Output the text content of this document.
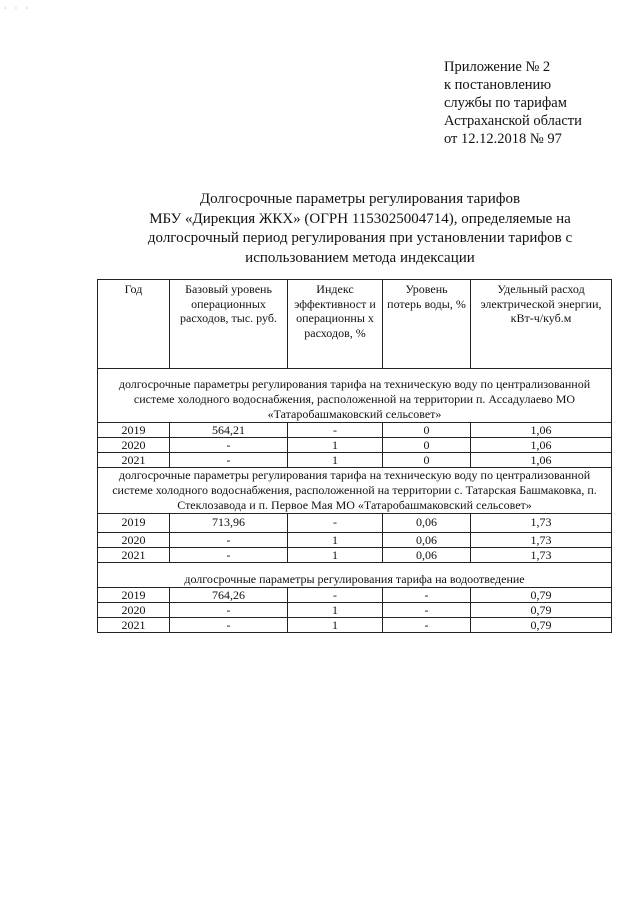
· · ·
Приложение № 2
к постановлению
службы по тарифам
Астраханской области
от 12.12.2018 № 97
Долгосрочные параметры регулирования тарифов
МБУ «Дирекция ЖКХ» (ОГРН 1153025004714), определяемые на
долгосрочный период регулирования при установлении тарифов с
использованием метода индексации
Год	Базовый уровень операционных расходов, тыс. руб.	Индекс эффективност и операционны х расходов, %	Уровень потерь воды, %	Удельный расход электрической энергии, кВт-ч/куб.м
долгосрочные параметры регулирования тарифа на техническую воду по централизованной системе холодного водоснабжения, расположенной на территории п. Ассадулаево МО «Татаробашмаковский сельсовет»				
2019	564,21	-	0	1,06
2020	-	1	0	1,06
2021	-	1	0	1,06
долгосрочные параметры регулирования тарифа на техническую воду по централизованной системе холодного водоснабжения, расположенной на территории с. Татарская Башмаковка, п. Стеклозавода и п. Первое Мая МО «Татаробашмаковский сельсовет»				
2019	713,96	-	0,06	1,73
2020	-	1	0,06	1,73
2021	-	1	0,06	1,73
долгосрочные параметры регулирования тарифа на водоотведение				
2019	764,26	-	-	0,79
2020	-	1	-	0,79
2021	-	1	-	0,79
